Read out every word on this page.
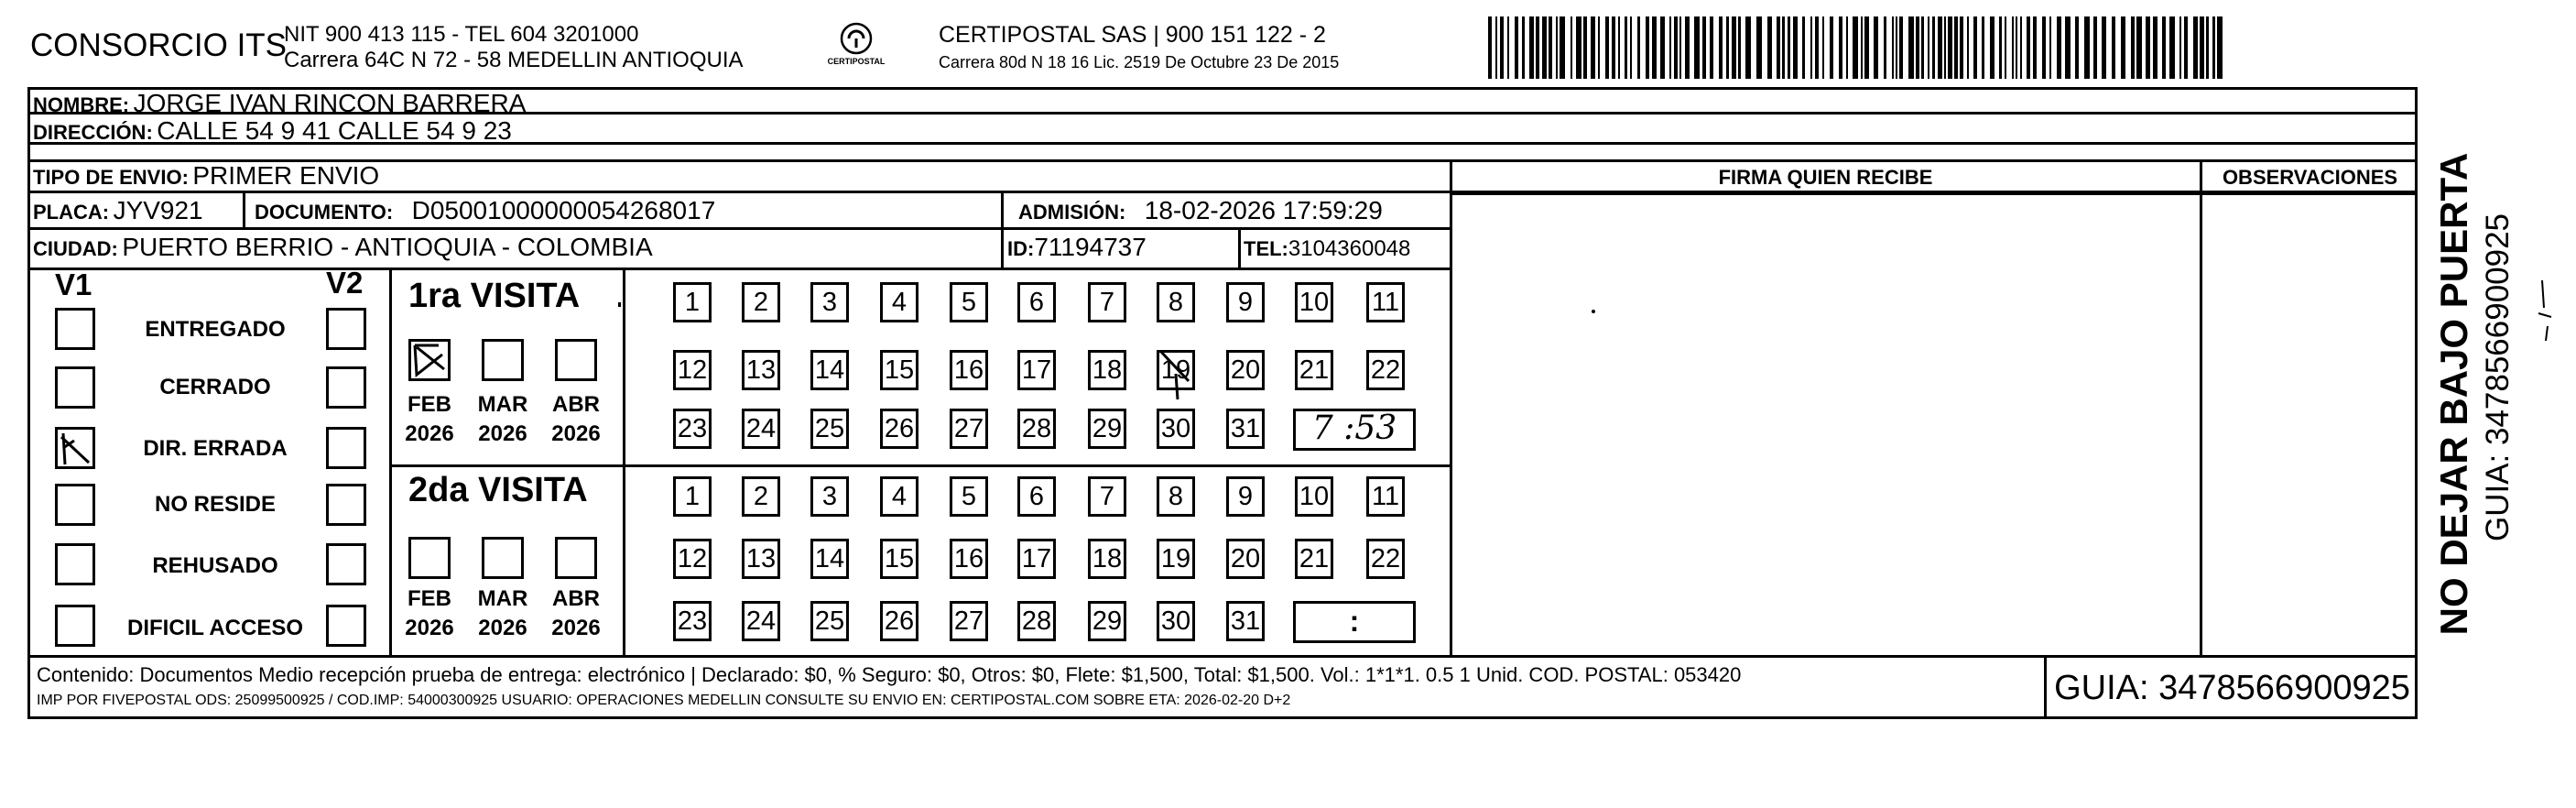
CONSORCIO ITS
NIT 900 413 115 - TEL 604 3201000
Carrera 64C N 72 - 58 MEDELLIN ANTIOQUIA	CERTIPOSTAL
CERTIPOSTAL SAS | 900 151 122 - 2
Carrera 80d N 18 16 Lic. 2519 De Octubre 23 De 2015
NOMBRE: JORGE IVAN RINCON BARRERA
DIRECCIÓN: CALLE 54 9 41 CALLE 54 9 23
TIPO DE ENVIO: PRIMER ENVIO
PLACA: JYV921	DOCUMENTO: D05001000000054268017	ADMISIÓN: 18-02-2026 17:59:29
CIUDAD: PUERTO BERRIO - ANTIOQUIA - COLOMBIA	ID:71194737	TEL:3104360048
FIRMA QUIEN RECIBE	OBSERVACIONES
V1	V2
ENTREGADO
CERRADO
DIR. ERRADA
NO RESIDE
REHUSADO
DIFICIL ACCESO
1ra VISITA
FEB	MAR	ABR
2026	2026	2026
1	2	3	4	5	6	7	8	9	10 11
12 13 14 15 16 17 18 19 20 21 22
23 24 25 26 27 28 29 30 31	7 :53
2da VISITA
FEB	MAR	ABR
2026	2026	2026
1	2	3	4	5	6	7	8	9	10 11
12 13 14 15 16 17 18 19 20 21 22
23 24 25 26 27 28 29 30 31	:
Contenido: Documentos Medio recepción prueba de entrega: electrónico | Declarado: $0, % Seguro: $0, Otros: $0, Flete: $1,500, Total: $1,500. Vol.: 1*1*1. 0.5 1 Unid. COD. POSTAL: 053420
IMP POR FIVEPOSTAL ODS: 25099500925 / COD.IMP: 54000300925 USUARIO: OPERACIONES MEDELLIN CONSULTE SU ENVIO EN: CERTIPOSTAL.COM SOBRE ETA: 2026-02-20 D+2	GUIA: 3478566900925
NO DEJAR BAJO PUERTA GUIA: 3478566900925
